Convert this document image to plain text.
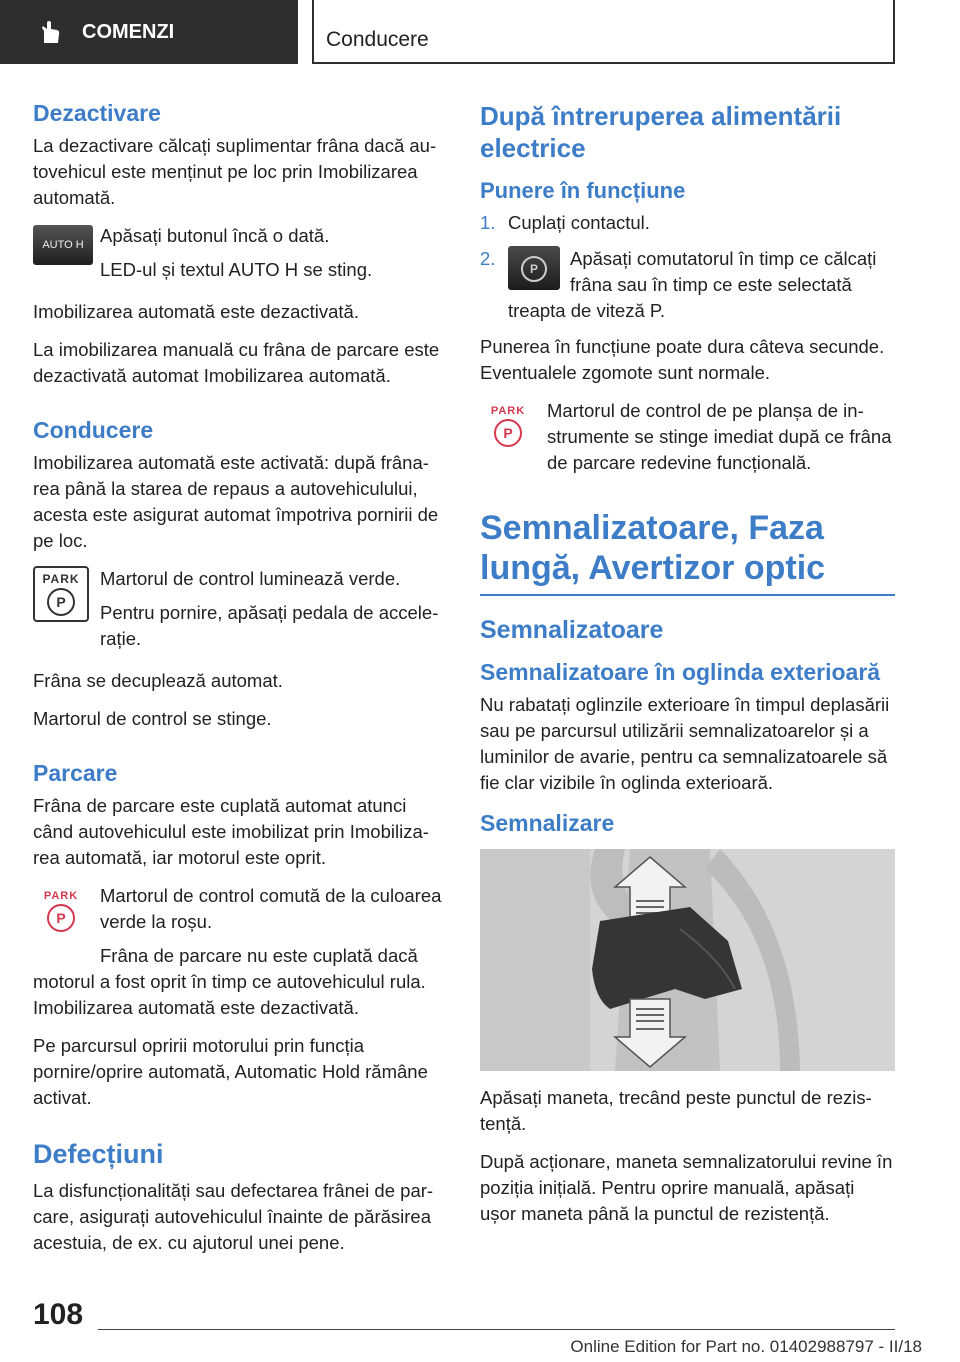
COMENZI	Conducere
Dezactivare

La dezactivare călcați suplimentar frâna dacă autovehicul este menținut pe loc prin Imobilizarea automată.

AUTO H Apăsați butonul încă o dată.

LED-ul și textul AUTO H se sting.

Imobilizarea automată este dezactivată.

La imobilizarea manuală cu frâna de parcare este dezactivată automat Imobilizarea automată.

Conducere

Imobilizarea automată este activată: după frânarea până la starea de repaus a autovehiculului, acesta este asigurat automat împotriva pornirii de pe loc.

PARK
P

Martorul de control luminează verde.

Pentru pornire, apăsați pedala de accelerație.

Frâna se decuplează automat.

Martorul de control se stinge.

Parcare

Frâna de parcare este cuplată automat atunci când autovehiculul este imobilizat prin Imobilizarea automată, iar motorul este oprit.

PARK
P

Martorul de control comută de la culoarea verde la roșu.

Frâna de parcare nu este cuplată dacă motorul a fost oprit în timp ce autovehiculul rula. Imobilizarea automată este dezactivată.

Pe parcursul opririi motorului prin funcția pornire/oprire automată, Automatic Hold rămâne activat.

Defecțiuni

La disfuncționalități sau defectarea frânei de parcare, asigurați autovehiculul înainte de părăsirea acestuia, de ex. cu ajutorul unei pene.

După întreruperea alimentării electrice
Punere în funcțiune
1. Cuplați contactul.
2.	P	Apăsați comutatorul în timp ce călcați frâna sau în timp ce este selectată treapta de viteză P.

Punerea în funcțiune poate dura câteva secunde. Eventualele zgomote sunt normale.

PARK
P

Martorul de control de pe planșa de instrumente se stinge imediat după ce frâna de parcare redevine funcțională.

Semnalizatoare, Faza lungă, Avertizor optic
Semnalizatoare
Semnalizatoare în oglinda exterioară

Nu rabatați oglinzile exterioare în timpul deplasării sau pe parcursul utilizării semnalizatoarelor și a luminilor de avarie, pentru ca semnalizatoarele să fie clar vizibile în oglinda exterioară.

Semnalizare

Apăsați maneta, trecând peste punctul de rezistență.

După acționare, maneta semnalizatorului revine în poziția inițială. Pentru oprire manuală, apăsați ușor maneta până la punctul de rezistență.

108
Online Edition for Part no. 01402988797 - II/18
